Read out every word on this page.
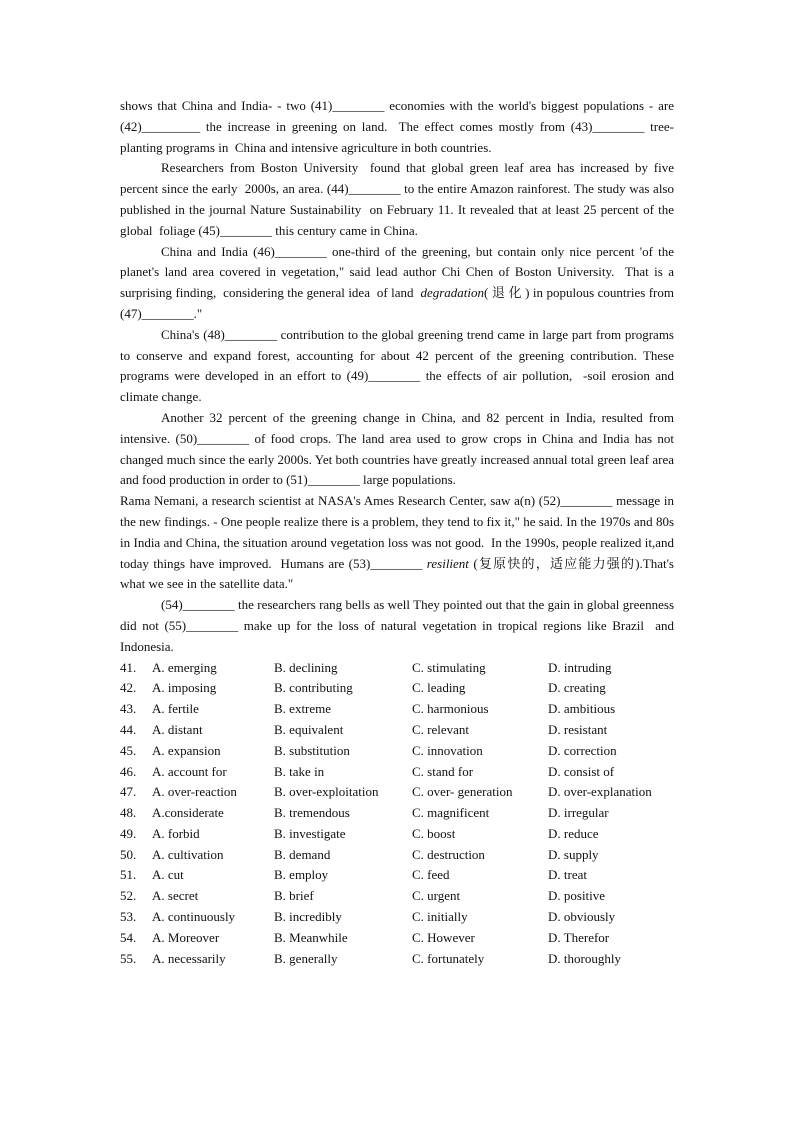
shows that China and India- - two (41)________ economies with the world's biggest populations - are (42)_________ the increase in greening on land.  The effect comes mostly from (43)________ tree-planting programs in  China and intensive agriculture in both countries.

Researchers from Boston University  found that global green leaf area has increased by five percent since the early  2000s, an area. (44)________ to the entire Amazon rainforest. The study was also published in the journal Nature Sustainability  on February 11. It revealed that at least 25 percent of the global  foliage (45)________ this century came in China.

China and India (46)________ one-third of the greening, but contain only nice percent 'of the planet's land area covered in vegetation," said lead author Chi Chen of Boston University.  That is a surprising finding,  considering the general idea  of land  degradation( 退 化 ) in populous countries from (47)________."

China's (48)________ contribution to the global greening trend came in large part from programs to conserve and expand forest, accounting for about 42 percent of the greening contribution. These programs were developed in an effort to (49)________ the effects of air pollution,  -soil erosion and climate change.

Another 32 percent of the greening change in China, and 82 percent in India, resulted from intensive. (50)________ of food crops. The land area used to grow crops in China and India has not changed much since the early 2000s. Yet both countries have greatly increased annual total green leaf area and food production in order to (51)________ large populations.

Rama Nemani, a research scientist at NASA's Ames Research Center, saw a(n) (52)________ message in the new findings. - One people realize there is a problem, they tend to fix it," he said. In the 1970s and 80s in India and China, the situation around vegetation loss was not good.  In the 1990s, people realized it,and today things have improved.  Humans are (53)________ resilient (复原快的，适应能力强的).That's what we see in the satellite data."

(54)________ the researchers rang bells as well They pointed out that the gain in global greenness did not (55)________ make up for the loss of natural vegetation in tropical regions like Brazil  and Indonesia.

41.	A. emerging	B. declining	C. stimulating	D. intruding
42.	A. imposing	B. contributing	C. leading	D. creating
43.	A. fertile	B. extreme	C. harmonious	D. ambitious
44.	A. distant	B. equivalent	C. relevant	D. resistant
45.	A. expansion	B. substitution	C. innovation	D. correction
46.	A. account for	B. take in	C. stand for	D. consist of
47.	A. over-reaction	B. over-exploitation	C. over- generation	D. over-explanation
48.	A.considerate	B. tremendous	C. magnificent	D. irregular
49.	A. forbid	B. investigate	C. boost	D. reduce
50.	A. cultivation	B. demand	C. destruction	D. supply
51.	A. cut	B. employ	C. feed	D. treat
52.	A. secret	B. brief	C. urgent	D. positive
53.	A. continuously	B. incredibly	C. initially	D. obviously
54.	A. Moreover	B. Meanwhile	C. However	D. Therefor
55.	A. necessarily	B. generally	C. fortunately	D. thoroughly
